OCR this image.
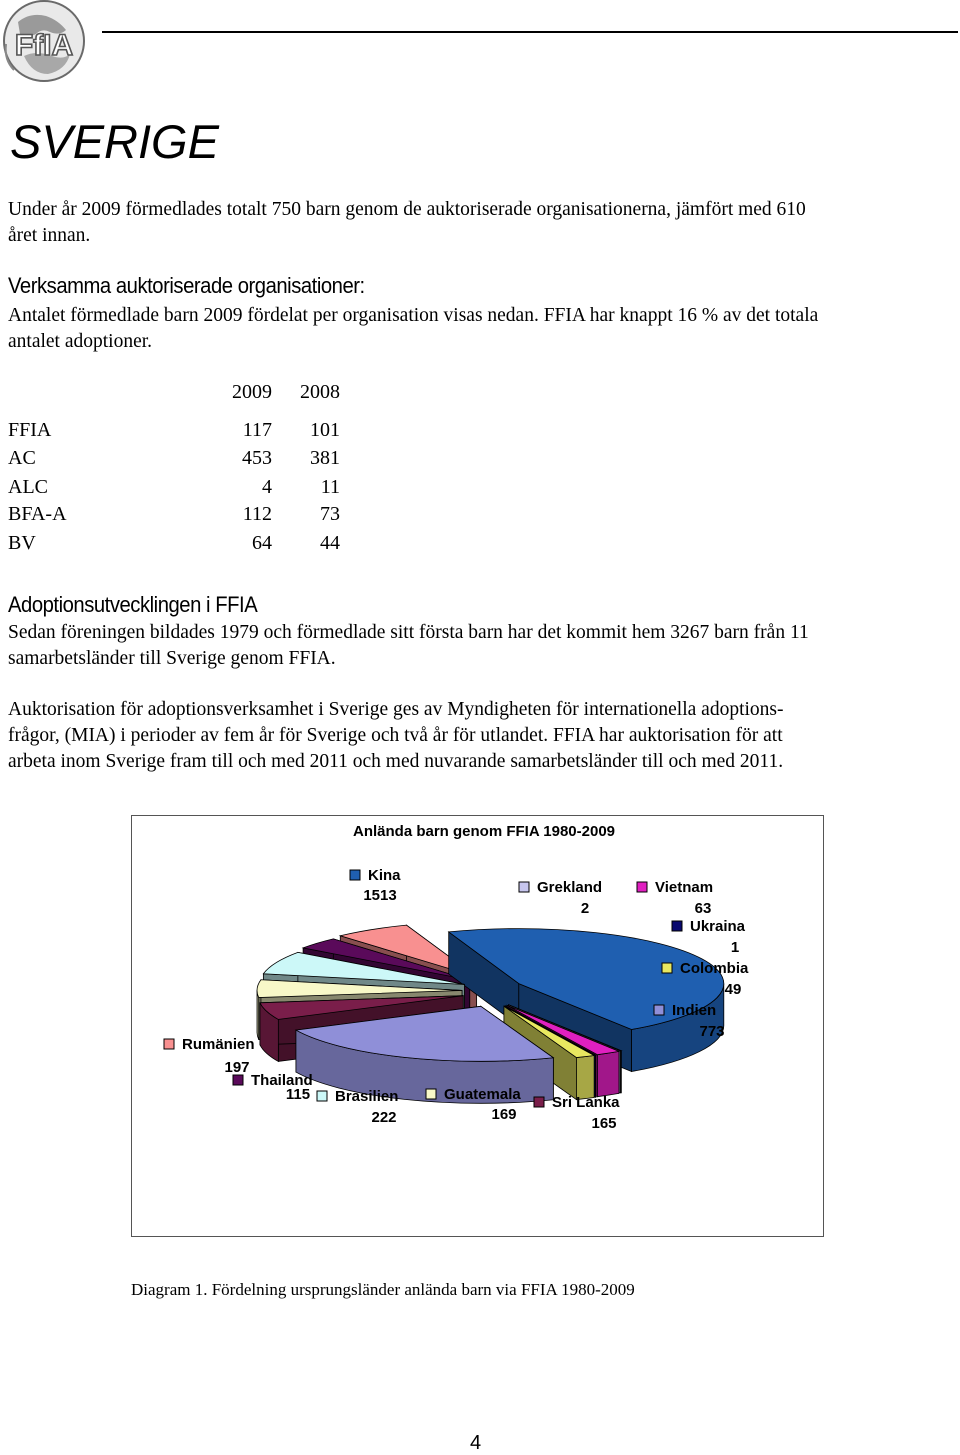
FfIA
SVERIGE
Under år 2009 förmedlades totalt 750 barn genom de auktoriserade organisationerna, jämfört med 610
året innan.
Verksamma auktoriserade organisationer:
Antalet förmedlade barn 2009 fördelat per organisation visas nedan. FFIA har knappt 16 % av det totala
antalet adoptioner.
2009 2008
FFIA	117 101
AC	453 381
ALC	4 11
BFA-A	112 73
BV	64 44
Adoptionsutvecklingen i FFIA
Sedan föreningen bildades 1979 och förmedlade sitt första barn har det kommit hem 3267 barn från 11
samarbetsländer till Sverige genom FFIA.
Auktorisation för adoptionsverksamhet i Sverige ges av Myndigheten för internationella adoptions-
frågor, (MIA) i perioder av fem år för Sverige och två år för utlandet. FFIA har auktorisation för att
arbeta inom Sverige fram till och med 2011 och med nuvarande samarbetsländer till och med 2011.
Anlända barn genom FFIA 1980-2009
Kina
1513	Grekland
2
Vietnam
63
Ukraina
1
Colombia
49
Indien
773
Sri Lanka
165
Guatemala
169
Brasilien
222
Thailand
115
Rumänien
197
Diagram 1. Fördelning ursprungsländer anlända barn via FFIA 1980-2009
4
